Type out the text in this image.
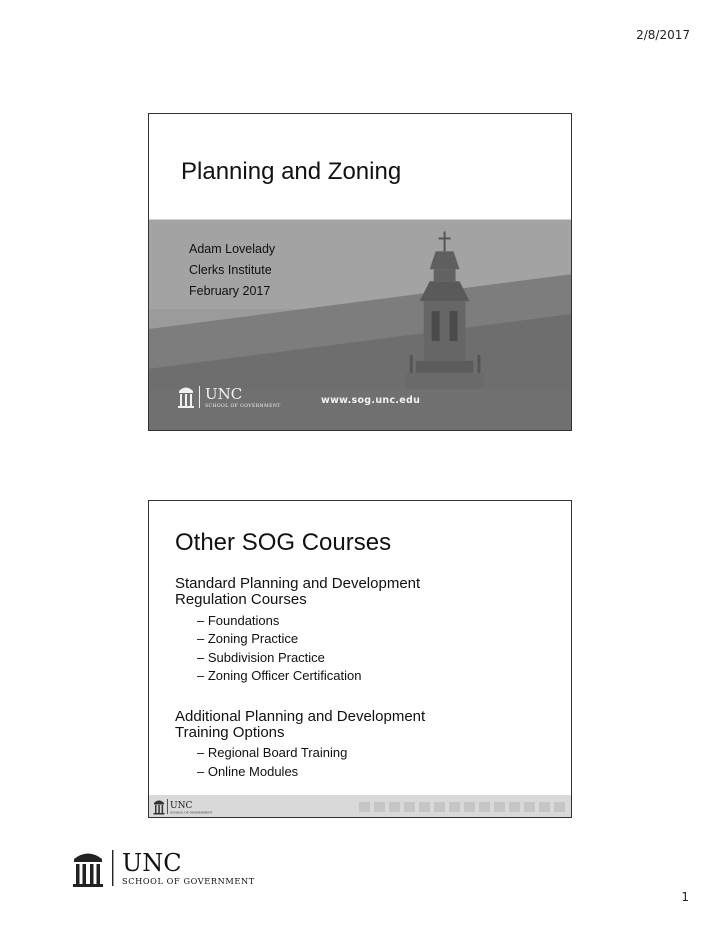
2/8/2017
Planning and Zoning
Adam Lovelady
Clerks Institute
February 2017
UNC
SCHOOL OF GOVERNMENT
www.sog.unc.edu
Other SOG Courses
Standard Planning and Development
Regulation Courses
– Foundations
– Zoning Practice
– Subdivision Practice
– Zoning Officer Certification
Additional Planning and Development
Training Options
– Regional Board Training
– Online Modules
UNC
SCHOOL OF GOVERNMENT
UNC
SCHOOL OF GOVERNMENT
1
